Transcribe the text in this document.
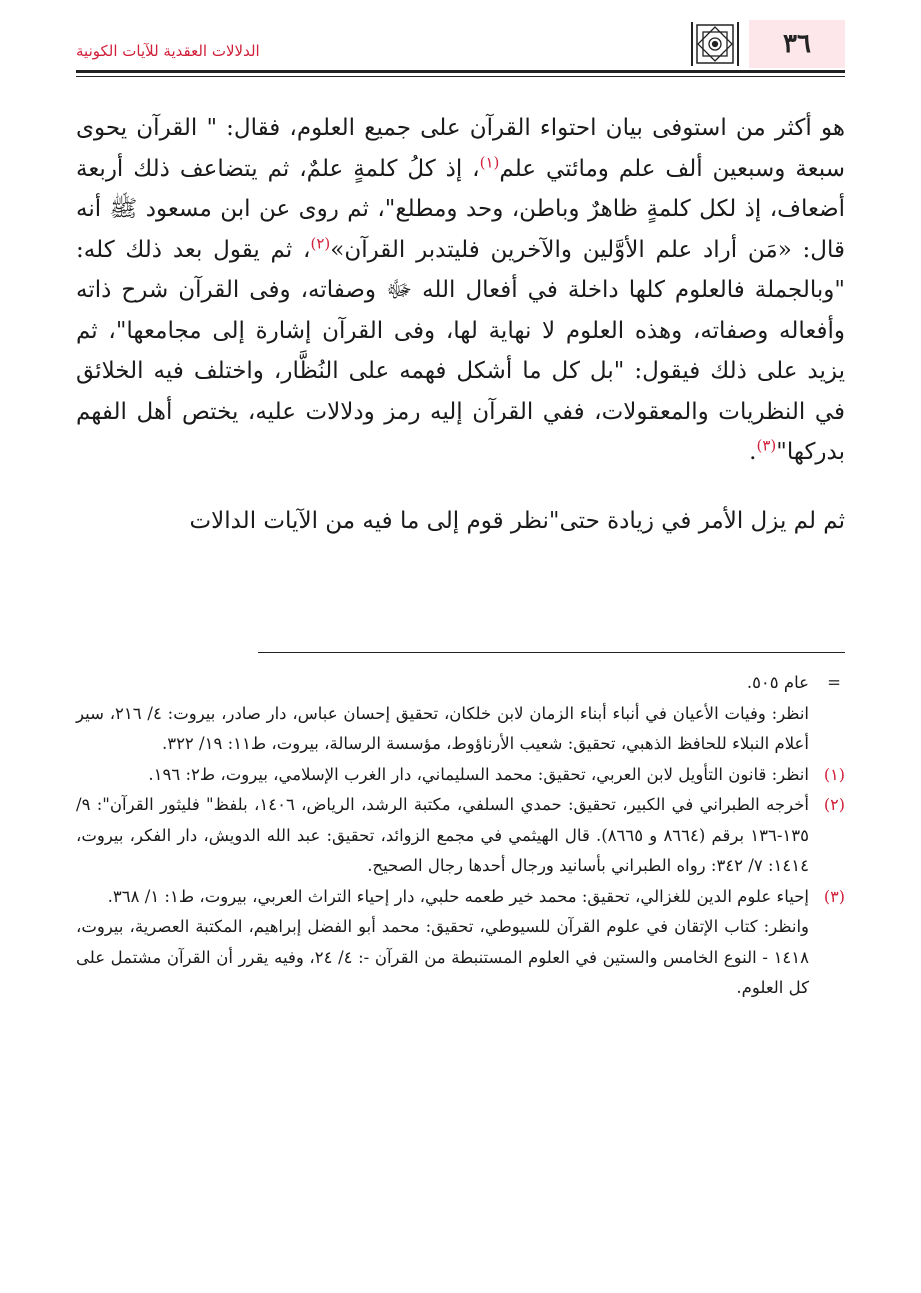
٣٦
الدلالات العقدية للآيات الكونية

هو أكثر من استوفى بيان احتواء القرآن على جميع العلوم، فقال: " القرآن يحوى سبعة وسبعين ألف علم ومائتي علم$^{(١)}$، إذ كلُ كلمةٍ علمٌ، ثم يتضاعف ذلك أربعة أضعاف، إذ لكل كلمةٍ ظاهرٌ وباطن، وحد ومطلع"، ثم روى عن ابن مسعود ﷺ أنه قال: «مَن أراد علم الأوَّلين والآخرين فليتدبر القرآن»$^{(٢)}$، ثم يقول بعد ذلك كله: "وبالجملة فالعلوم كلها داخلة في أفعال الله ﷻ وصفاته، وفى القرآن شرح ذاته وأفعاله وصفاته، وهذه العلوم لا نهاية لها، وفى القرآن إشارة إلى مجامعها"، ثم يزيد على ذلك فيقول: "بل كل ما أشكل فهمه على النُظَّار، واختلف فيه الخلائق في النظريات والمعقولات، ففي القرآن إليه رمز ودلالات عليه، يختص أهل الفهم بدركها"$^{(٣)}$.

ثم لم يزل الأمر في زيادة حتى"نظر قوم إلى ما فيه من الآيات الدالات

=
عام ٥٠٥.

انظر: وفيات الأعيان في أنباء أبناء الزمان لابن خلكان، تحقيق إحسان عباس، دار صادر، بيروت: ٤/ ٢١٦، سير أعلام النبلاء للحافظ الذهبي، تحقيق: شعيب الأرناؤوط، مؤسسة الرسالة، بيروت، ط١١: ١٩/ ٣٢٢.

(١)
انظر: قانون التأويل لابن العربي، تحقيق: محمد السليماني، دار الغرب الإسلامي، بيروت، ط٢: ١٩٦.

(٢)
أخرجه الطبراني في الكبير، تحقيق: حمدي السلفي، مكتبة الرشد، الرياض، ١٤٠٦، بلفظ" فليثور القرآن": ٩/ ١٣٥-١٣٦ برقم (٨٦٦٤ و ٨٦٦٥). قال الهيثمي في مجمع الزوائد، تحقيق: عبد الله الدويش، دار الفكر، بيروت، ١٤١٤: ٧/ ٣٤٢: رواه الطبراني بأسانيد ورجال أحدها رجال الصحيح.

(٣)
إحياء علوم الدين للغزالي، تحقيق: محمد خير طعمه حلبي، دار إحياء التراث العربي، بيروت، ط١: ١/ ٣٦٨.

وانظر: كتاب الإتقان في علوم القرآن للسيوطي، تحقيق: محمد أبو الفضل إبراهيم، المكتبة العصرية، بيروت، ١٤١٨ - النوع الخامس والستين في العلوم المستنبطة من القرآن -: ٤/ ٢٤، وفيه يقرر أن القرآن مشتمل على كل العلوم.
